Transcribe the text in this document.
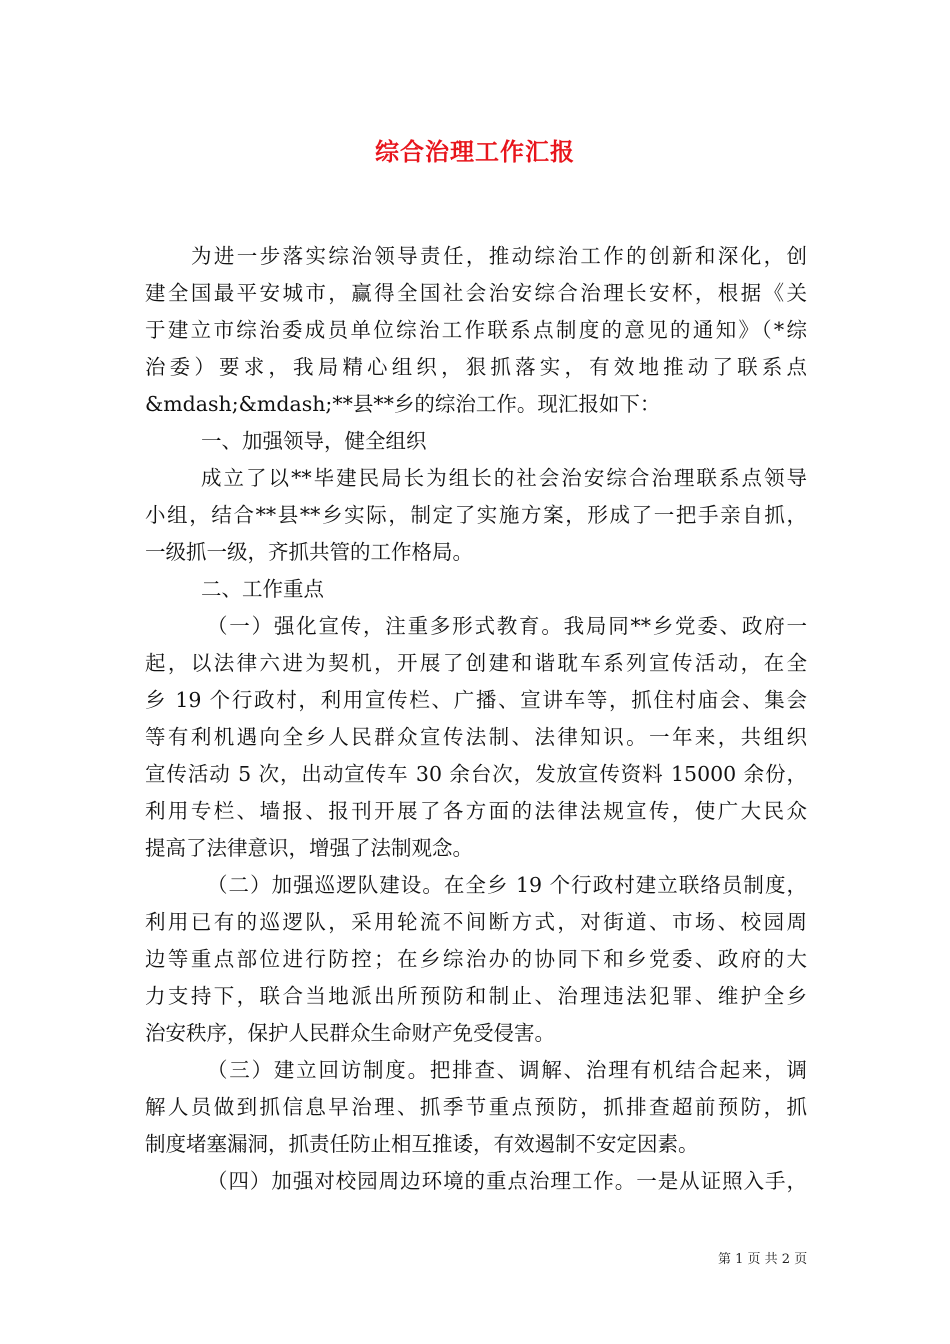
综合治理工作汇报
为进一步落实综治领导责任，推动综治工作的创新和深化，创
建全国最平安城市，赢得全国社会治安综合治理长安杯，根据《关
于建立市综治委成员单位综治工作联系点制度的意见的通知》（*综
治委）要求，我局精心组织，狠抓落实，有效地推动了联系点
&mdash;&mdash;**县**乡的综治工作。现汇报如下：
一、加强领导，健全组织
成立了以**毕建民局长为组长的社会治安综合治理联系点领导
小组，结合**县**乡实际，制定了实施方案，形成了一把手亲自抓，
一级抓一级，齐抓共管的工作格局。
二、工作重点
（一）强化宣传，注重多形式教育。我局同**乡党委、政府一
起，以法律六进为契机，开展了创建和谐耽车系列宣传活动，在全
乡 19 个行政村，利用宣传栏、广播、宣讲车等，抓住村庙会、集会
等有利机遇向全乡人民群众宣传法制、法律知识。一年来，共组织
宣传活动 5 次，出动宣传车 30 余台次，发放宣传资料 15000 余份，
利用专栏、墙报、报刊开展了各方面的法律法规宣传，使广大民众
提高了法律意识，增强了法制观念。
（二）加强巡逻队建设。在全乡 19 个行政村建立联络员制度，
利用已有的巡逻队，采用轮流不间断方式，对街道、市场、校园周
边等重点部位进行防控；在乡综治办的协同下和乡党委、政府的大
力支持下，联合当地派出所预防和制止、治理违法犯罪、维护全乡
治安秩序，保护人民群众生命财产免受侵害。
（三）建立回访制度。把排查、调解、治理有机结合起来，调
解人员做到抓信息早治理、抓季节重点预防，抓排查超前预防，抓
制度堵塞漏洞，抓责任防止相互推诿，有效遏制不安定因素。
（四）加强对校园周边环境的重点治理工作。一是从证照入手，
第 1 页 共 2 页
